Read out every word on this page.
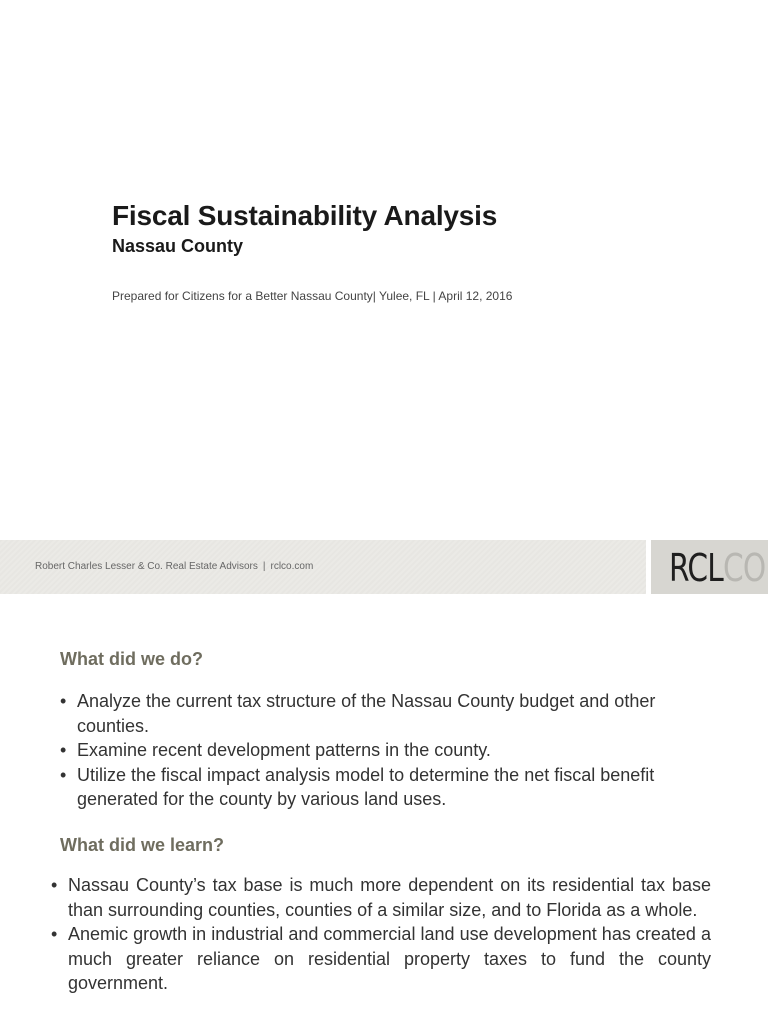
Fiscal Sustainability Analysis
Nassau County
Prepared for Citizens for a Better Nassau County| Yulee, FL | April 12, 2016
Robert Charles Lesser & Co. Real Estate Advisors | rclco.com	RCLCO
What did we do?
• Analyze the current tax structure of the Nassau County budget and other counties.
• Examine recent development patterns in the county.
• Utilize the fiscal impact analysis model to determine the net fiscal benefit generated for the county by various land uses.
What did we learn?
• Nassau County’s tax base is much more dependent on its residential tax base than surrounding counties, counties of a similar size, and to Florida as a whole.
• Anemic growth in industrial and commercial land use development has created a much greater reliance on residential property taxes to fund the county government.
